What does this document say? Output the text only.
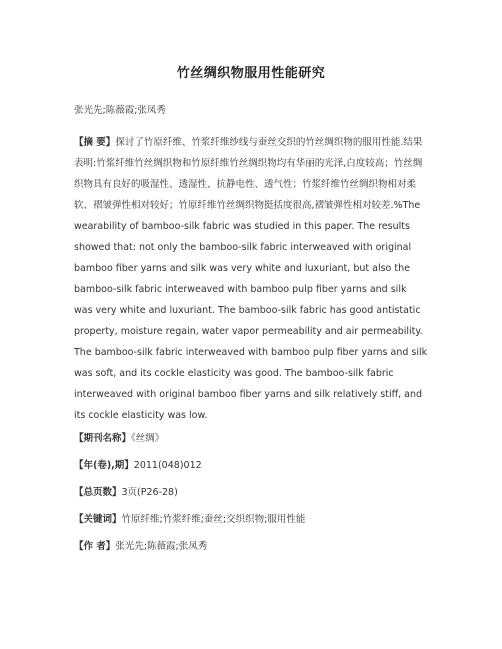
竹丝绸织物服用性能研究
张光先;陈薇霞;张凤秀
【摘 要】探讨了竹原纤维、竹浆纤维纱线与蚕丝交织的竹丝绸织物的服用性能.结果表明:竹浆纤维竹丝绸织物和竹原纤维竹丝绸织物均有华丽的光泽,白度较高；竹丝绸织物具有良好的吸湿性、透湿性、抗静电性、透气性；竹浆纤维竹丝绸织物相对柔软、褶皱弹性相对较好；竹原纤维竹丝绸织物挺括度很高,褶皱弹性相对较差.%The wearability of bamboo-silk fabric was studied in this paper. The results showed that: not only the bamboo-silk fabric interweaved with original bamboo fiber yarns and silk was very white and luxuriant, but also the bamboo-silk fabric interweaved with bamboo pulp fiber yarns and silk was very white and luxuriant. The bamboo-silk fabric has good antistatic property, moisture regain, water vapor permeability and air permeability. The bamboo-silk fabric interweaved with bamboo pulp fiber yarns and silk was soft, and its cockle elasticity was good. The bamboo-silk fabric interweaved with original bamboo fiber yarns and silk relatively stiff, and its cockle elasticity was low.
【期刊名称】《丝绸》
【年(卷),期】2011(048)012
【总页数】3页(P26-28)
【关键词】竹原纤维;竹浆纤维;蚕丝;交织织物;服用性能
【作 者】张光先;陈薇霞;张凤秀
